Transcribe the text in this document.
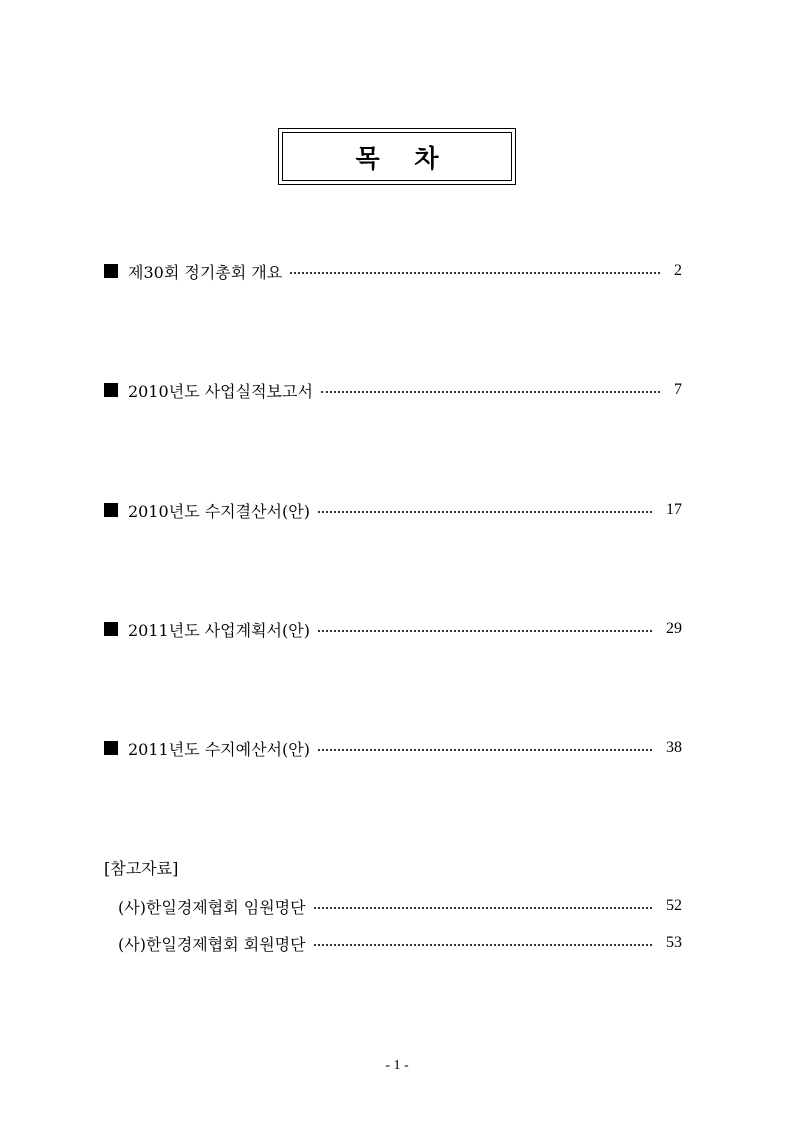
목    차
제30회 정기총회 개요	2
2010년도 사업실적보고서	7
2010년도 수지결산서(안)	17
2011년도 사업계획서(안)	29
2011년도 수지예산서(안)	38
[참고자료]
(사)한일경제협회 임원명단	52
(사)한일경제협회 회원명단	53
- 1 -
